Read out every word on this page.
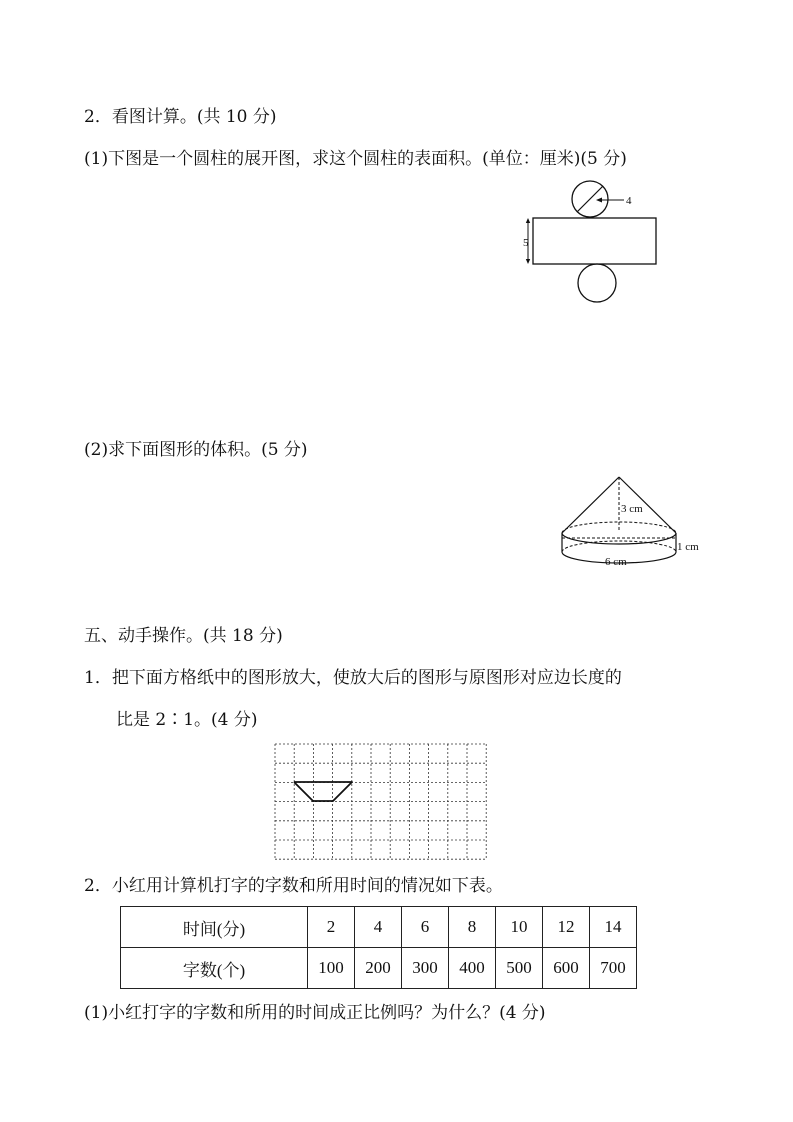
2．看图计算。(共 10 分)
(1)下图是一个圆柱的展开图，求这个圆柱的表面积。(单位：厘米)(5 分)
4
5
(2)求下面图形的体积。(5 分)
3 cm
1 cm
6 cm
五、动手操作。(共 18 分)
1．把下面方格纸中的图形放大，使放大后的图形与原图形对应边长度的
比是 2∶1。(4 分)
2．小红用计算机打字的字数和所用时间的情况如下表。
时间(分)	2	4	6	8	10	12	14
字数(个)	100	200	300	400	500	600	700
(1)小红打字的字数和所用的时间成正比例吗？为什么？(4 分)
